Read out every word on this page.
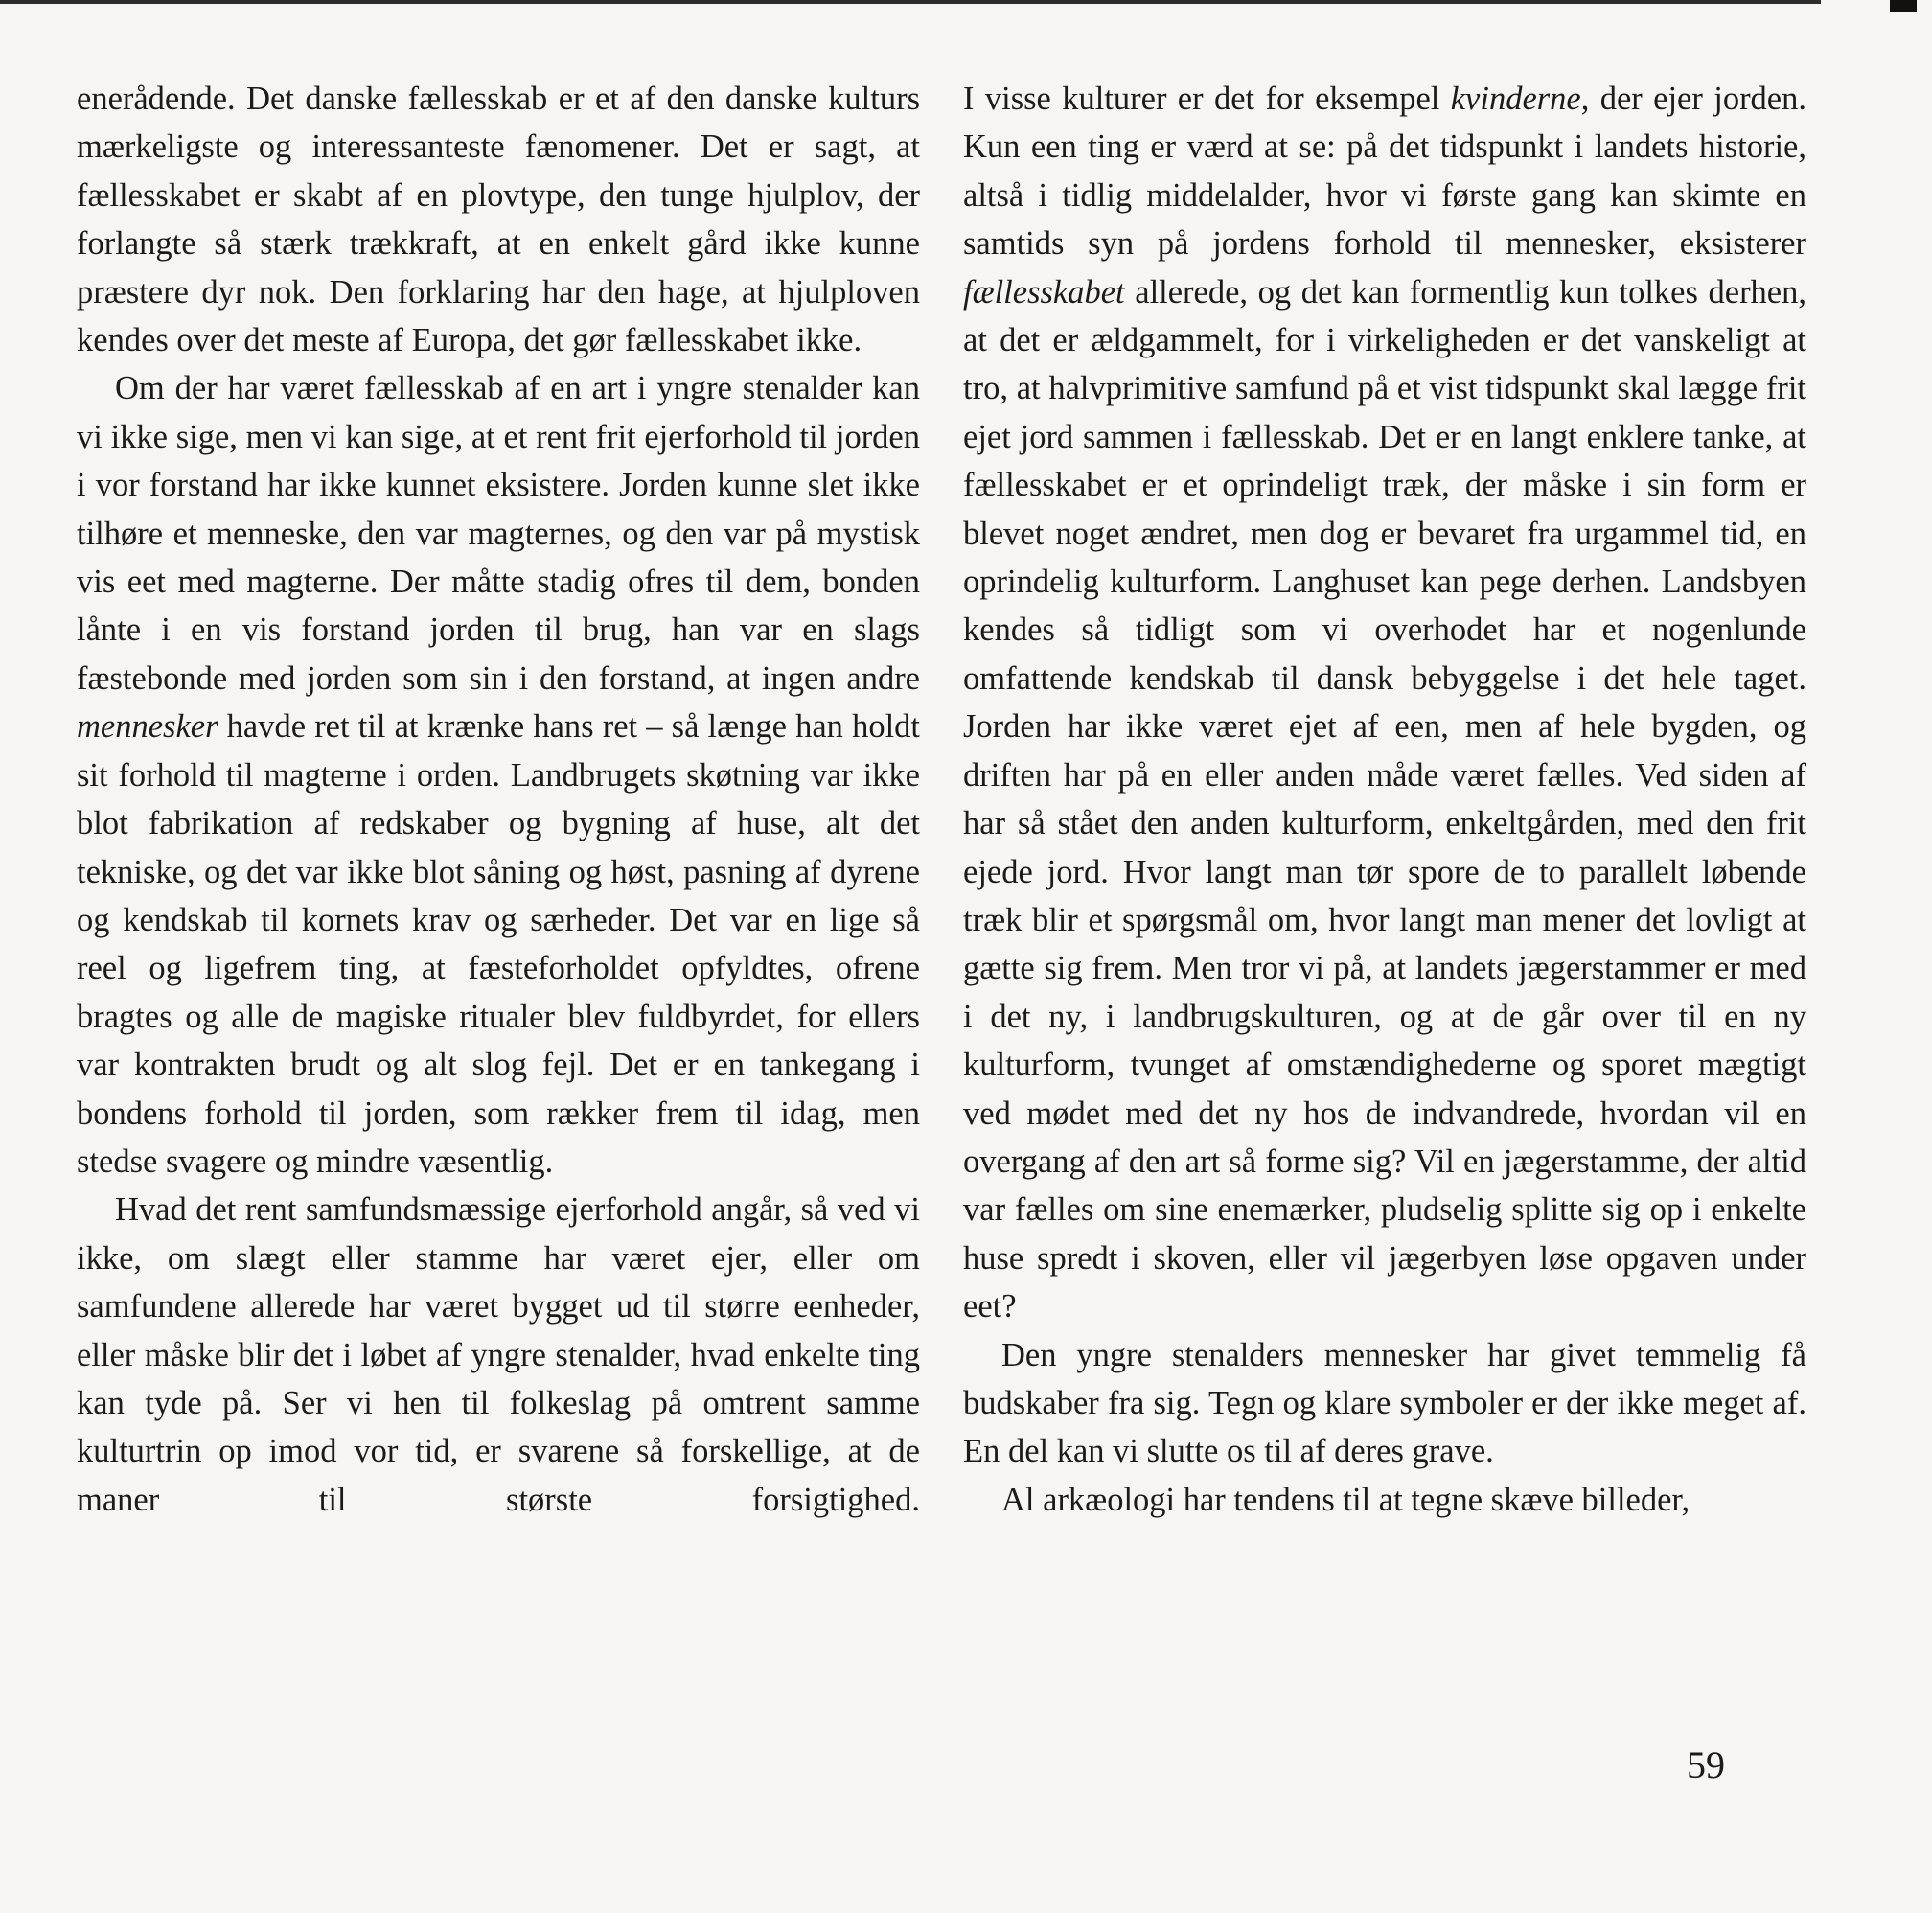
enerådende. Det danske fællesskab er et af den danske kulturs mærkeligste og interessanteste fænomener. Det er sagt, at fællesskabet er skabt af en plovtype, den tunge hjulplov, der forlangte så stærk trækkraft, at en enkelt gård ikke kunne præstere dyr nok. Den forklaring har den hage, at hjulploven kendes over det meste af Europa, det gør fællesskabet ikke.

Om der har været fællesskab af en art i yngre stenalder kan vi ikke sige, men vi kan sige, at et rent frit ejerforhold til jorden i vor forstand har ikke kunnet eksistere. Jorden kunne slet ikke tilhøre et menneske, den var magternes, og den var på mystisk vis eet med magterne. Der måtte stadig ofres til dem, bonden lånte i en vis forstand jorden til brug, han var en slags fæstebonde med jorden som sin i den forstand, at ingen andre mennesker havde ret til at krænke hans ret – så længe han holdt sit forhold til magterne i orden. Landbrugets skøtning var ikke blot fabrikation af redskaber og bygning af huse, alt det tekniske, og det var ikke blot såning og høst, pasning af dyrene og kendskab til kornets krav og særheder. Det var en lige så reel og ligefrem ting, at fæsteforholdet opfyldtes, ofrene bragtes og alle de magiske ritualer blev fuldbyrdet, for ellers var kontrakten brudt og alt slog fejl. Det er en tankegang i bondens forhold til jorden, som rækker frem til idag, men stedse svagere og mindre væsentlig.

Hvad det rent samfundsmæssige ejerforhold angår, så ved vi ikke, om slægt eller stamme har været ejer, eller om samfundene allerede har været bygget ud til større eenheder, eller måske blir det i løbet af yngre stenalder, hvad enkelte ting kan tyde på. Ser vi hen til folkeslag på omtrent samme kulturtrin op imod vor tid, er svarene så forskellige, at de maner til største forsigtighed.

I visse kulturer er det for eksempel kvinderne, der ejer jorden. Kun een ting er værd at se: på det tidspunkt i landets historie, altså i tidlig middelalder, hvor vi første gang kan skimte en samtids syn på jordens forhold til mennesker, eksisterer fællesskabet allerede, og det kan formentlig kun tolkes derhen, at det er ældgammelt, for i virkeligheden er det vanskeligt at tro, at halvprimitive samfund på et vist tidspunkt skal lægge frit ejet jord sammen i fællesskab. Det er en langt enklere tanke, at fællesskabet er et oprindeligt træk, der måske i sin form er blevet noget ændret, men dog er bevaret fra urgammel tid, en oprindelig kulturform. Langhuset kan pege derhen. Landsbyen kendes så tidligt som vi overhodet har et nogenlunde omfattende kendskab til dansk bebyggelse i det hele taget. Jorden har ikke været ejet af een, men af hele bygden, og driften har på en eller anden måde været fælles. Ved siden af har så stået den anden kulturform, enkeltgården, med den frit ejede jord. Hvor langt man tør spore de to parallelt løbende træk blir et spørgsmål om, hvor langt man mener det lovligt at gætte sig frem. Men tror vi på, at landets jægerstammer er med i det ny, i landbrugskulturen, og at de går over til en ny kulturform, tvunget af omstændighederne og sporet mægtigt ved mødet med det ny hos de indvandrede, hvordan vil en overgang af den art så forme sig? Vil en jægerstamme, der altid var fælles om sine enemærker, pludselig splitte sig op i enkelte huse spredt i skoven, eller vil jægerbyen løse opgaven under eet?

Den yngre stenalders mennesker har givet temmelig få budskaber fra sig. Tegn og klare symboler er der ikke meget af. En del kan vi slutte os til af deres grave.

Al arkæologi har tendens til at tegne skæve billeder,

59
